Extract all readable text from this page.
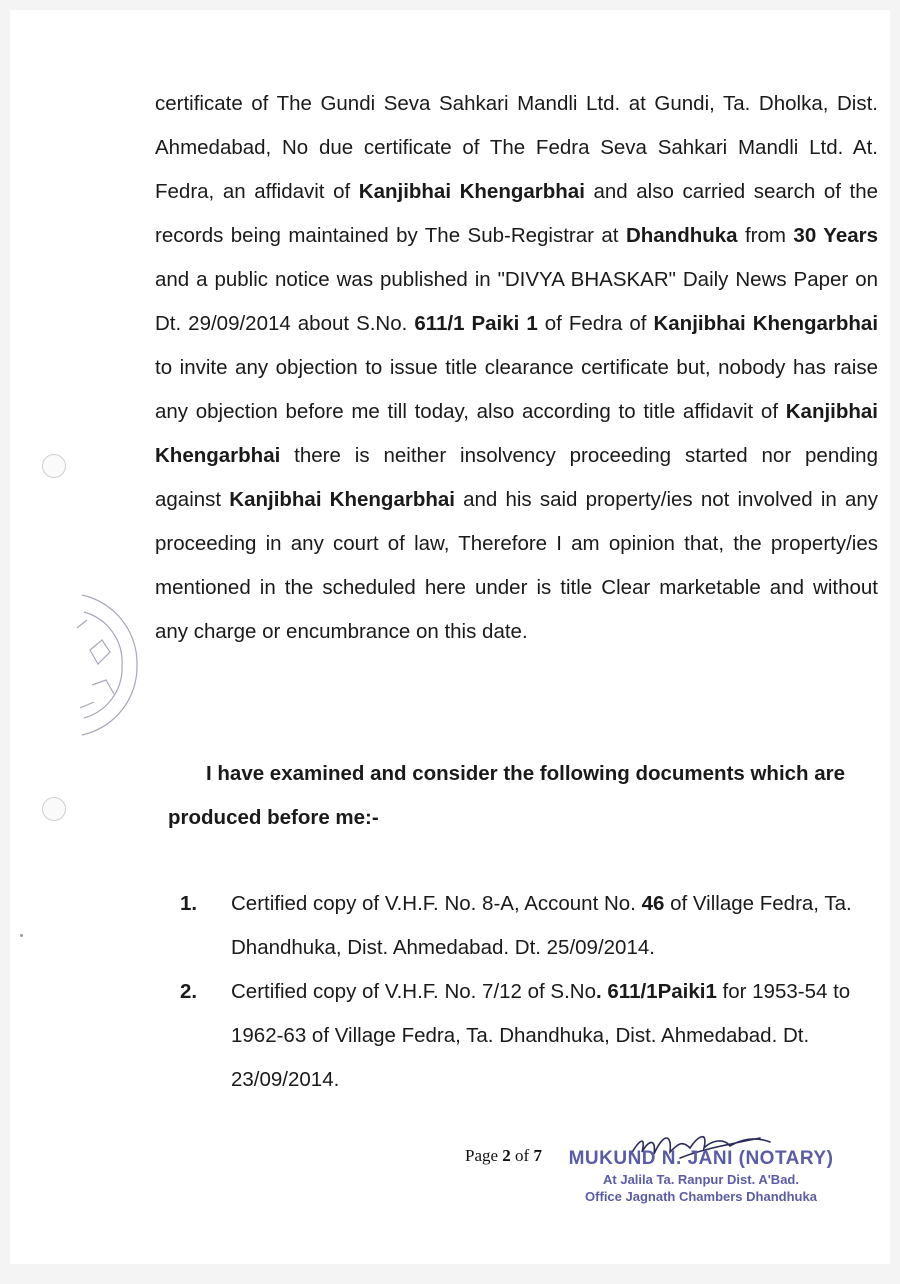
certificate of The Gundi Seva Sahkari Mandli Ltd. at Gundi, Ta. Dholka, Dist. Ahmedabad, No due certificate of The Fedra Seva Sahkari Mandli Ltd. At. Fedra, an affidavit of Kanjibhai Khengarbhai and also carried search of the records being maintained by The Sub-Registrar at Dhandhuka from 30 Years and a public notice was published in "DIVYA BHASKAR" Daily News Paper on Dt. 29/09/2014 about S.No. 611/1 Paiki 1 of Fedra of Kanjibhai Khengarbhai to invite any objection to issue title clearance certificate but, nobody has raise any objection before me till today, also according to title affidavit of Kanjibhai Khengarbhai there is neither insolvency proceeding started nor pending against Kanjibhai Khengarbhai and his said property/ies not involved in any proceeding in any court of law, Therefore I am opinion that, the property/ies mentioned in the scheduled here under is title Clear marketable and without any charge or encumbrance on this date.
I have examined and consider the following documents which are produced before me:-
1. Certified copy of V.H.F. No. 8-A, Account No. 46 of Village Fedra, Ta. Dhandhuka, Dist. Ahmedabad. Dt. 25/09/2014.
2. Certified copy of V.H.F. No. 7/12 of S.No. 611/1Paiki1 for 1953-54 to 1962-63 of Village Fedra, Ta. Dhandhuka, Dist. Ahmedabad. Dt. 23/09/2014.
Page 2 of 7 MUKUND N. JANI (NOTARY)
At Jalila Ta. Ranpur Dist. A'Bad.
Office Jagnath Chambers Dhandhuka
